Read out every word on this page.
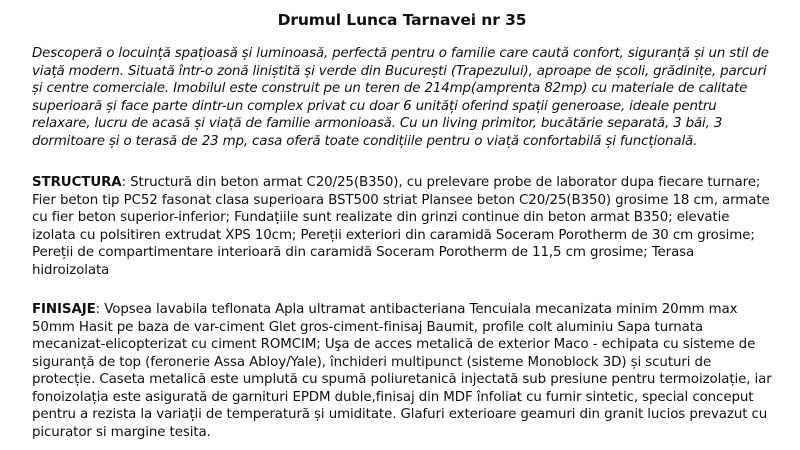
Drumul Lunca Tarnavei nr 35

Descoperă o locuință spațioasă și luminoasă, perfectă pentru o familie care caută confort, siguranță și un stil de viață modern. Situată într-o zonă liniștită și verde din București (Trapezului), aproape de școli, grădinițe, parcuri și centre comerciale. Imobilul este construit pe un teren de 214mp(amprenta 82mp) cu materiale de calitate superioară și face parte dintr-un complex privat cu doar 6 unități oferind spații generoase, ideale pentru relaxare, lucru de acasă și viață de familie armonioasă. Cu un living primitor, bucătărie separată, 3 băi, 3 dormitoare și o terasă de 23 mp, casa oferă toate condițiile pentru o viață confortabilă și funcțională.

STRUCTURA: Structură din beton armat C20/25(B350), cu prelevare probe de laborator dupa fiecare turnare; Fier beton tip PC52 fasonat clasa superioara BST500 striat Plansee beton C20/25(B350) grosime 18 cm, armate cu fier beton superior-inferior; Fundațiile sunt realizate din grinzi continue din beton armat B350; elevatie izolata cu polsitiren extrudat XPS 10cm; Pereții exteriori din caramidă Soceram Porotherm de 30 cm grosime; Pereții de compartimentare interioară din caramidă Soceram Porotherm de 11,5 cm grosime; Terasa hidroizolata

FINISAJE: Vopsea lavabila teflonata Apla ultramat antibacteriana Tencuiala mecanizata minim 20mm max 50mm Hasit pe baza de var-ciment Glet gros-ciment-finisaj Baumit, profile colt aluminiu Sapa turnata mecanizat-elicopterizat cu ciment ROMCIM; Uşa de acces metalică de exterior Maco - echipata cu sisteme de siguranță de top (feronerie Assa Abloy/Yale), închideri multipunct (sisteme Monoblock 3D) și scuturi de protecție. Caseta metalică este umplută cu spumă poliuretanică injectată sub presiune pentru termoizolație, iar fonoizolația este asigurată de garnituri EPDM duble,finisaj din MDF înfoliat cu furnir sintetic, special conceput pentru a rezista la variații de temperatură și umiditate. Glafuri exterioare geamuri din granit lucios prevazut cu picurator si margine tesita.
